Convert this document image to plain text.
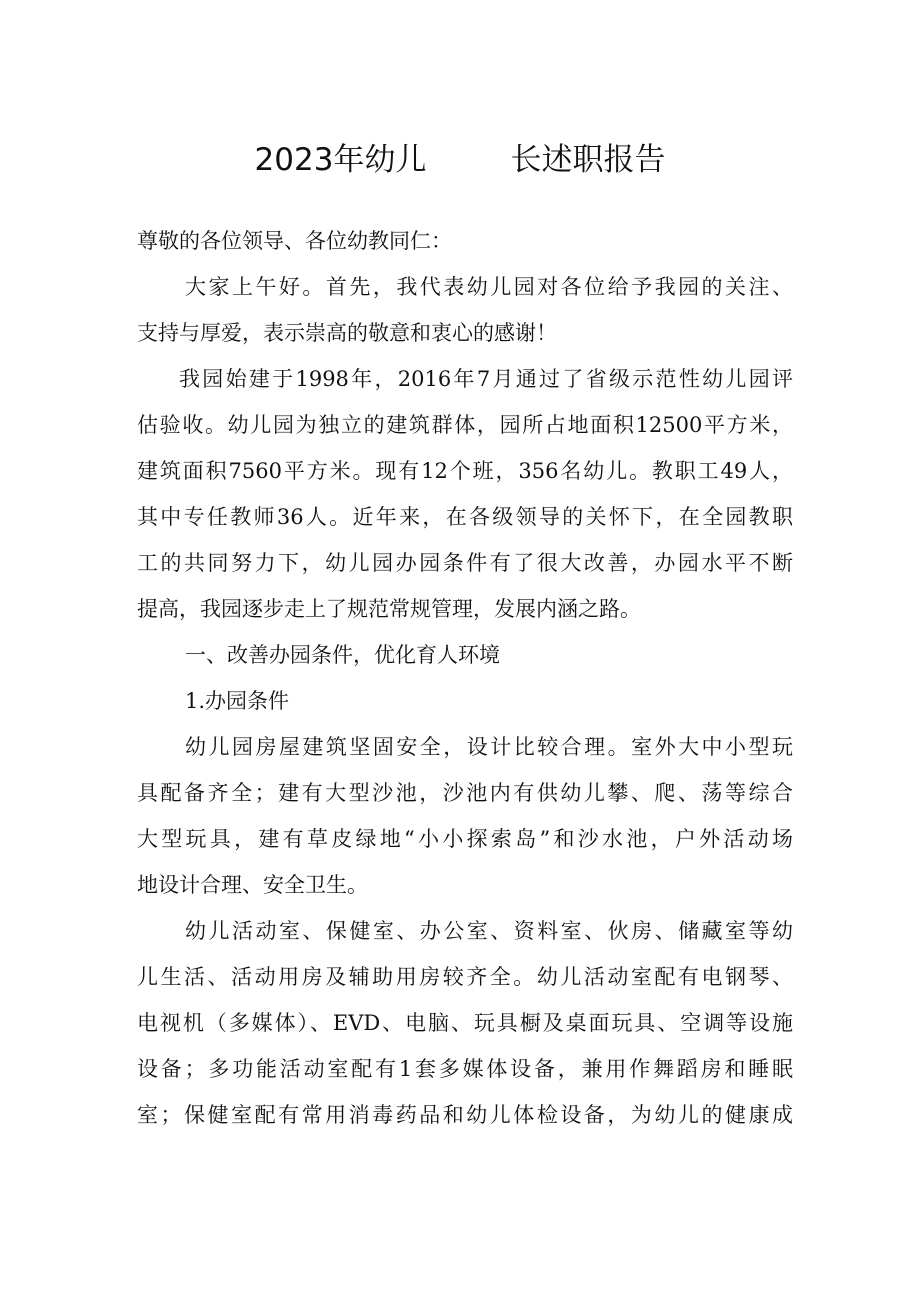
2023年幼儿	长述职报告
尊敬的各位领导、各位幼教同仁：
大家上午好。首先，我代表幼儿园对各位给予我园的关注、
支持与厚爱，表示崇高的敬意和衷心的感谢！
我园始建于1998年，2016年7月通过了省级示范性幼儿园评
估验收。幼儿园为独立的建筑群体，园所占地面积12500平方米，
建筑面积7560平方米。现有12个班，356名幼儿。教职工49人，
其中专任教师36人。近年来，在各级领导的关怀下，在全园教职
工的共同努力下，幼儿园办园条件有了很大改善，办园水平不断
提高，我园逐步走上了规范常规管理，发展内涵之路。
一、改善办园条件，优化育人环境
1.办园条件
幼儿园房屋建筑坚固安全，设计比较合理。室外大中小型玩
具配备齐全；建有大型沙池，沙池内有供幼儿攀、爬、荡等综合
大型玩具，建有草皮绿地“小小探索岛”和沙水池，户外活动场
地设计合理、安全卫生。
幼儿活动室、保健室、办公室、资料室、伙房、储藏室等幼
儿生活、活动用房及辅助用房较齐全。幼儿活动室配有电钢琴、
电视机（多媒体）、EVD、电脑、玩具橱及桌面玩具、空调等设施
设备；多功能活动室配有1套多媒体设备，兼用作舞蹈房和睡眠
室；保健室配有常用消毒药品和幼儿体检设备，为幼儿的健康成
